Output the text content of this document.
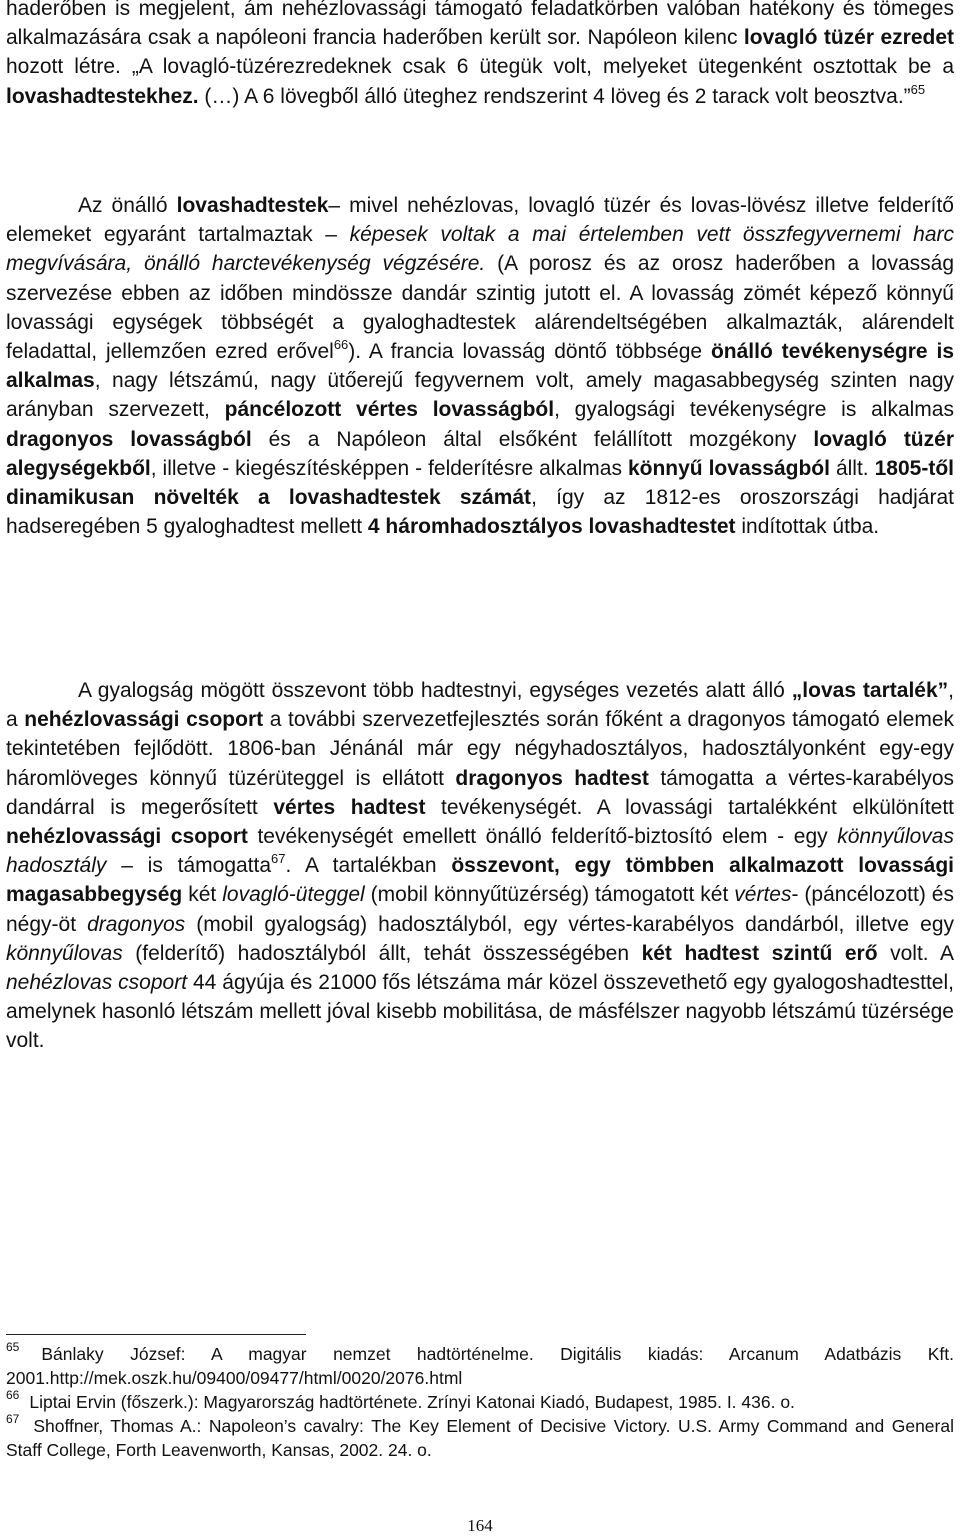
haderőben is megjelent, ám nehézlovassági támogató feladatkörben valóban hatékony és tömeges alkalmazására csak a napóleoni francia haderőben került sor. Napóleon kilenc lovagló tüzér ezredet hozott létre. „A lovagló-tüzérezredeknek csak 6 ütegük volt, melyeket ütegenként osztottak be a lovashadtestekhez. (…) A 6 lövegből álló üteghez rendszerint 4 löveg és 2 tarack volt beosztva.”$^{65}$

Az önálló lovashadtestek– mivel nehézlovas, lovagló tüzér és lovas-lövész illetve felderítő elemeket egyaránt tartalmaztak – képesek voltak a mai értelemben vett összfegyvernemi harc megvívására, önálló harctevékenység végzésére. (A porosz és az orosz haderőben a lovasság szervezése ebben az időben mindössze dandár szintig jutott el. A lovasság zömét képező könnyű lovassági egységek többségét a gyaloghadtestek alárendeltségében alkalmazták, alárendelt feladattal, jellemzően ezred erővel$^{66}$). A francia lovasság döntő többsége önálló tevékenységre is alkalmas, nagy létszámú, nagy ütőerejű fegyvernem volt, amely magasabbegység szinten nagy arányban szervezett, páncélozott vértes lovasságból, gyalogsági tevékenységre is alkalmas dragonyos lovasságból és a Napóleon által elsőként felállított mozgékony lovagló tüzér alegységekből, illetve - kiegészítésképpen - felderítésre alkalmas könnyű lovasságból állt. 1805-től dinamikusan növelték a lovashadtestek számát, így az 1812-es oroszországi hadjárat hadseregében 5 gyaloghadtest mellett 4 háromhadosztályos lovashadtestet indítottak útba.

A gyalogság mögött összevont több hadtestnyi, egységes vezetés alatt álló „lovas tartalék”, a nehézlovassági csoport a további szervezetfejlesztés során főként a dragonyos támogató elemek tekintetében fejlődött. 1806-ban Jénánál már egy négyhadosztályos, hadosztályonként egy-egy háromlöveges könnyű tüzérüteggel is ellátott dragonyos hadtest támogatta a vértes-karabélyos dandárral is megerősített vértes hadtest tevékenységét. A lovassági tartalékként elkülönített nehézlovassági csoport tevékenységét emellett önálló felderítő-biztosító elem - egy könnyűlovas hadosztály – is támogatta$^{67}$. A tartalékban összevont, egy tömbben alkalmazott lovassági magasabbegység két lovagló-üteggel (mobil könnyűtüzérség) támogatott két vértes- (páncélozott) és négy-öt dragonyos (mobil gyalogság) hadosztályból, egy vértes-karabélyos dandárból, illetve egy könnyűlovas (felderítő) hadosztályból állt, tehát összességében két hadtest szintű erő volt. A nehézlovas csoport 44 ágyúja és 21000 fős létszáma már közel összevethető egy gyalogoshadtesttel, amelynek hasonló létszám mellett jóval kisebb mobilitása, de másfélszer nagyobb létszámú tüzérsége volt.

$^{65}$ Bánlaky József: A magyar nemzet hadtörténelme. Digitális kiadás: Arcanum Adatbázis Kft. 2001.http://mek.oszk.hu/09400/09477/html/0020/2076.html

$^{66}$ Liptai Ervin (főszerk.): Magyarország hadtörténete. Zrínyi Katonai Kiadó, Budapest, 1985. I. 436. o.

$^{67}$ Shoffner, Thomas A.: Napoleon’s cavalry: The Key Element of Decisive Victory. U.S. Army Command and General Staff College, Forth Leavenworth, Kansas, 2002. 24. o.

164
